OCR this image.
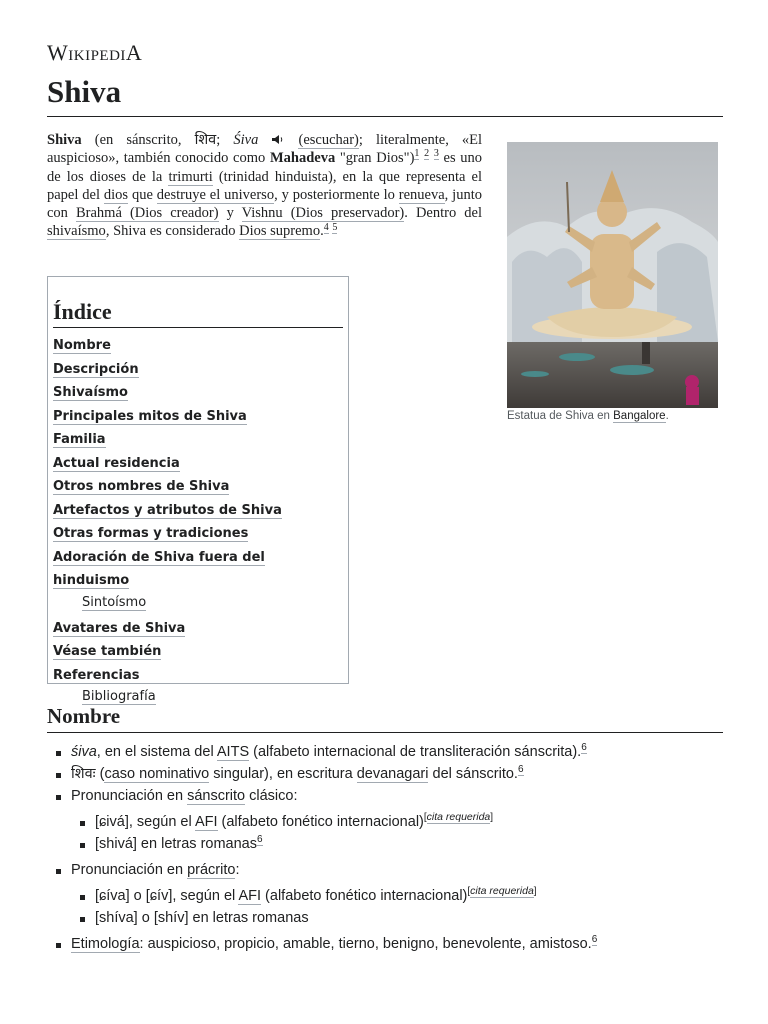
WikipediA
Shiva

Shiva (en sánscrito, शिव; Śiva	(escuchar); literalmente, «El auspicioso», también conocido como Mahadeva "gran Dios")$^1$ $^2$ $^3$ es uno de los dioses de la trimurti (trinidad hinduista), en la que representa el papel del dios que destruye el universo, y posteriormente lo renueva, junto con Brahmá (Dios creador) y Vishnu (Dios preservador). Dentro del shivaísmo, Shiva es considerado Dios supremo.$^4$ $^5$

Estatua de Shiva en Bangalore.
Índice
Nombre
Descripción
Shivaísmo
Principales mitos de Shiva
Familia
Actual residencia
Otros nombres de Shiva
Artefactos y atributos de Shiva
Otras formas y tradiciones
Adoración de Shiva fuera del hinduismo
Sintoísmo
Avatares de Shiva
Véase también
Referencias
Bibliografía
Nombre
śiva, en el sistema del AITS (alfabeto internacional de transliteración sánscrita).$^6$
शिवः (caso nominativo singular), en escritura devanagari del sánscrito.$^6$
Pronunciación en sánscrito clásico:
[ɕivá], según el AFI (alfabeto fonético internacional)[cita requerida]
[shivá] en letras romanas$^6$
Pronunciación en prácrito:
[ɕíva] o [ɕív], según el AFI (alfabeto fonético internacional)[cita requerida]
[shíva] o [shív] en letras romanas
Etimología: auspicioso, propicio, amable, tierno, benigno, benevolente, amistoso.$^6$
